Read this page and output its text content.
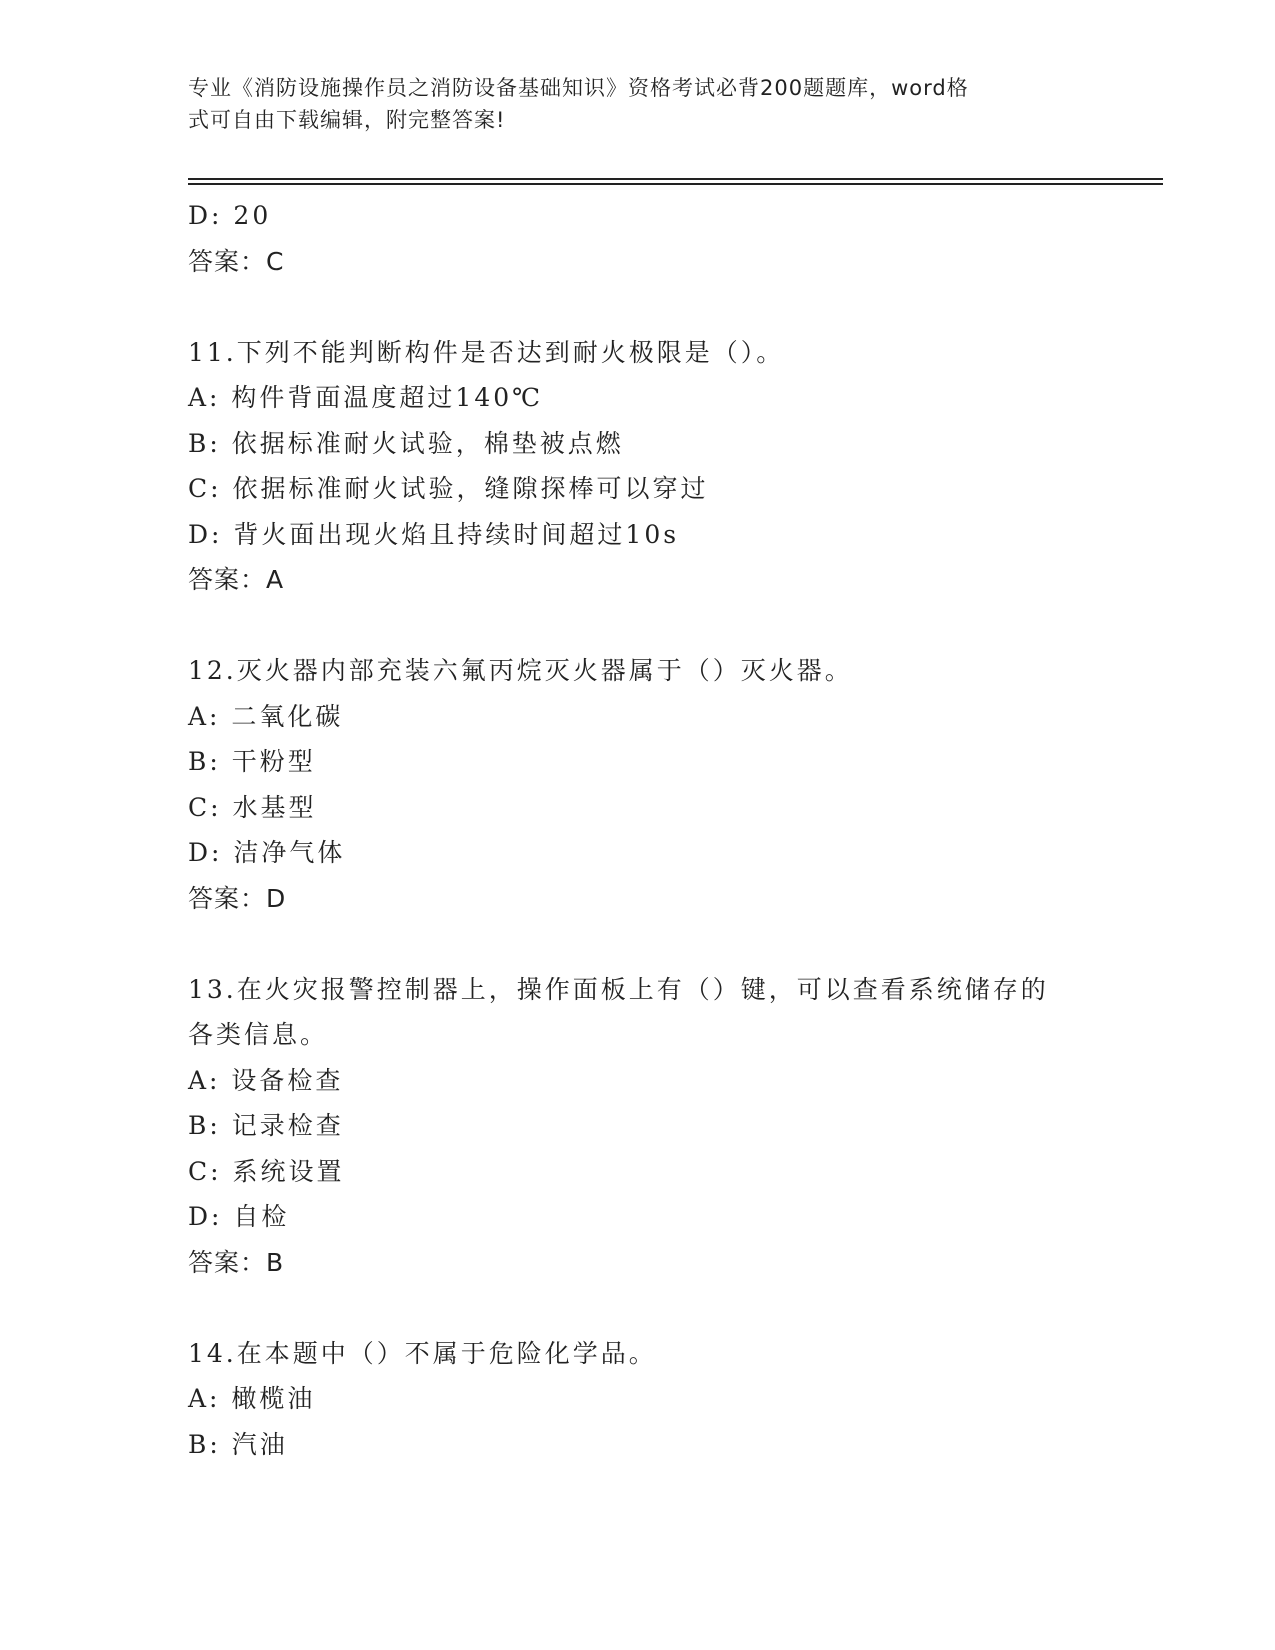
专业《消防设施操作员之消防设备基础知识》资格考试必背200题题库，word格
式可自由下载编辑，附完整答案!
D: 20
答案：C
11.下列不能判断构件是否达到耐火极限是（）。
A: 构件背面温度超过140℃
B: 依据标准耐火试验，棉垫被点燃
C: 依据标准耐火试验，缝隙探棒可以穿过
D: 背火面出现火焰且持续时间超过10s
答案：A
12.灭火器内部充装六氟丙烷灭火器属于（）灭火器。
A: 二氧化碳
B: 干粉型
C: 水基型
D: 洁净气体
答案：D
13.在火灾报警控制器上，操作面板上有（）键，可以查看系统储存的
各类信息。
A: 设备检查
B: 记录检查
C: 系统设置
D: 自检
答案：B
14.在本题中（）不属于危险化学品。
A: 橄榄油
B: 汽油
